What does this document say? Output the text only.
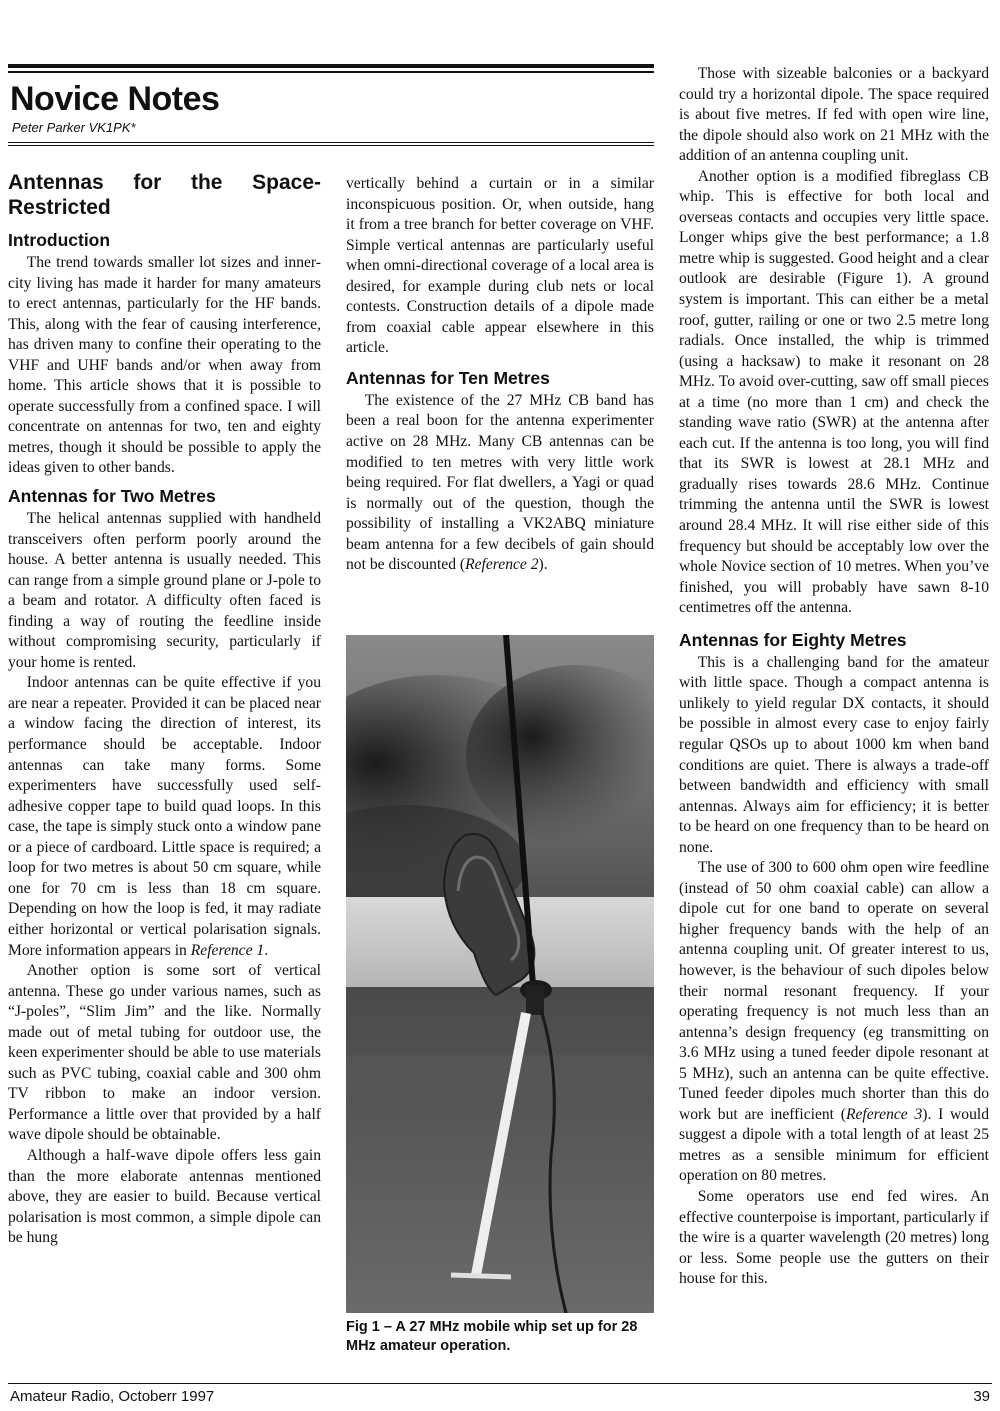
Novice Notes
Peter Parker VK1PK*
Antennas for the Space-Restricted
Introduction

The trend towards smaller lot sizes and inner-city living has made it harder for many amateurs to erect antennas, particularly for the HF bands. This, along with the fear of causing interference, has driven many to confine their operating to the VHF and UHF bands and/or when away from home. This article shows that it is possible to operate successfully from a confined space. I will concentrate on antennas for two, ten and eighty metres, though it should be possible to apply the ideas given to other bands.

Antennas for Two Metres

The helical antennas supplied with handheld transceivers often perform poorly around the house. A better antenna is usually needed. This can range from a simple ground plane or J-pole to a beam and rotator. A difficulty often faced is finding a way of routing the feedline inside without compromising security, particularly if your home is rented.

Indoor antennas can be quite effective if you are near a repeater. Provided it can be placed near a window facing the direction of interest, its performance should be acceptable. Indoor antennas can take many forms. Some experimenters have successfully used self-adhesive copper tape to build quad loops. In this case, the tape is simply stuck onto a window pane or a piece of cardboard. Little space is required; a loop for two metres is about 50 cm square, while one for 70 cm is less than 18 cm square. Depending on how the loop is fed, it may radiate either horizontal or vertical polarisation signals. More information appears in Reference 1.

Another option is some sort of vertical antenna. These go under various names, such as “J-poles”, “Slim Jim” and the like. Normally made out of metal tubing for outdoor use, the keen experimenter should be able to use materials such as PVC tubing, coaxial cable and 300 ohm TV ribbon to make an indoor version. Performance a little over that provided by a half wave dipole should be obtainable.

Although a half-wave dipole offers less gain than the more elaborate antennas mentioned above, they are easier to build. Because vertical polarisation is most common, a simple dipole can be hung

vertically behind a curtain or in a similar inconspicuous position. Or, when outside, hang it from a tree branch for better coverage on VHF. Simple vertical antennas are particularly useful when omni-directional coverage of a local area is desired, for example during club nets or local contests. Construction details of a dipole made from coaxial cable appear elsewhere in this article.

Antennas for Ten Metres

The existence of the 27 MHz CB band has been a real boon for the antenna experimenter active on 28 MHz. Many CB antennas can be modified to ten metres with very little work being required. For flat dwellers, a Yagi or quad is normally out of the question, though the possibility of installing a VK2ABQ miniature beam antenna for a few decibels of gain should not be discounted (Reference 2).

Fig 1 – A 27 MHz mobile whip set up for 28 MHz amateur operation.

Those with sizeable balconies or a backyard could try a horizontal dipole. The space required is about five metres. If fed with open wire line, the dipole should also work on 21 MHz with the addition of an antenna coupling unit.

Another option is a modified fibreglass CB whip. This is effective for both local and overseas contacts and occupies very little space. Longer whips give the best performance; a 1.8 metre whip is suggested. Good height and a clear outlook are desirable (Figure 1). A ground system is important. This can either be a metal roof, gutter, railing or one or two 2.5 metre long radials. Once installed, the whip is trimmed (using a hacksaw) to make it resonant on 28 MHz. To avoid over-cutting, saw off small pieces at a time (no more than 1 cm) and check the standing wave ratio (SWR) at the antenna after each cut. If the antenna is too long, you will find that its SWR is lowest at 28.1 MHz and gradually rises towards 28.6 MHz. Continue trimming the antenna until the SWR is lowest around 28.4 MHz. It will rise either side of this frequency but should be acceptably low over the whole Novice section of 10 metres. When you’ve finished, you will probably have sawn 8-10 centimetres off the antenna.

Antennas for Eighty Metres

This is a challenging band for the amateur with little space. Though a compact antenna is unlikely to yield regular DX contacts, it should be possible in almost every case to enjoy fairly regular QSOs up to about 1000 km when band conditions are quiet. There is always a trade-off between bandwidth and efficiency with small antennas. Always aim for efficiency; it is better to be heard on one frequency than to be heard on none.

The use of 300 to 600 ohm open wire feedline (instead of 50 ohm coaxial cable) can allow a dipole cut for one band to operate on several higher frequency bands with the help of an antenna coupling unit. Of greater interest to us, however, is the behaviour of such dipoles below their normal resonant frequency. If your operating frequency is not much less than an antenna’s design frequency (eg transmitting on 3.6 MHz using a tuned feeder dipole resonant at 5 MHz), such an antenna can be quite effective. Tuned feeder dipoles much shorter than this do work but are inefficient (Reference 3). I would suggest a dipole with a total length of at least 25 metres as a sensible minimum for efficient operation on 80 metres.

Some operators use end fed wires. An effective counterpoise is important, particularly if the wire is a quarter wavelength (20 metres) long or less. Some people use the gutters on their house for this.

Amateur Radio, Octoberr 1997	39
